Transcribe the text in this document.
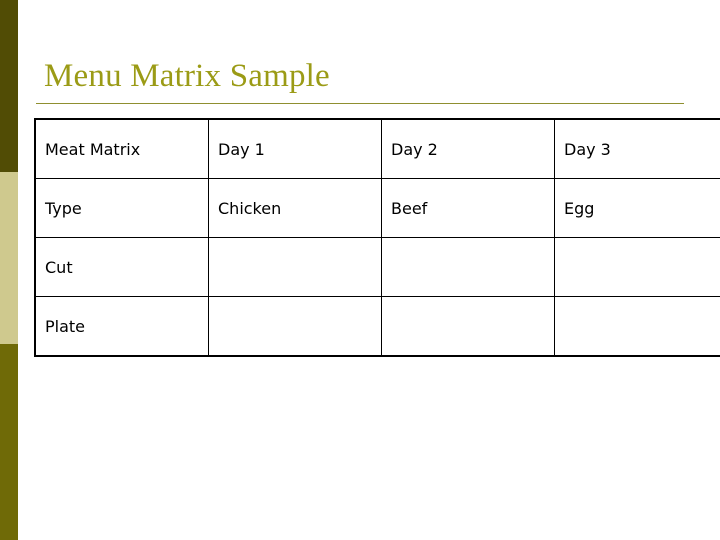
Menu Matrix Sample
Meat Matrix	Day 1	Day 2	Day 3
Type	Chicken	Beef	Egg
Cut			
Plate			
